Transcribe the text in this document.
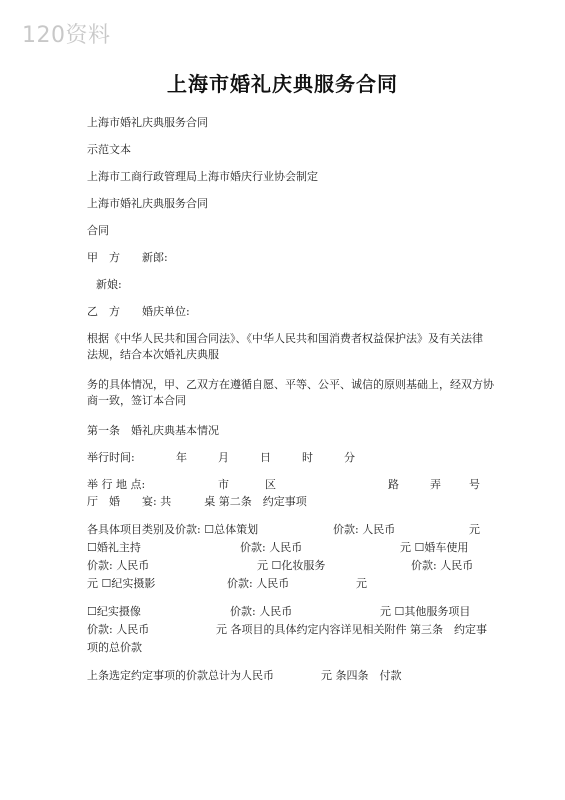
120资料
上海市婚礼庆典服务合同
上海市婚礼庆典服务合同
示范文本
上海市工商行政管理局上海市婚庆行业协会制定
上海市婚礼庆典服务合同
合同
甲　方　　新郎:
新娘:
乙　方　　婚庆单位:
根据《中华人民共和国合同法》、《中华人民共和国消费者权益保护法》及有关法律
法规，结合本次婚礼庆典服
务的具体情况，甲、乙双方在遵循自愿、平等、公平、诚信的原则基础上，经双方协
商一致，签订本合同
第一条　婚礼庆典基本情况
举行时间:	年	月	日	时	分
举 行 地 点:	市	区	路	弄	号
厅　婚　　宴: 共　　　桌 第二条　约定事项
各具体项目类别及价款: ☐总体策划	价款: 人民币	元
☐婚礼主持	价款: 人民币	元 ☐婚车使用
价款: 人民币	元 ☐化妆服务	价款: 人民币
元 ☐纪实摄影	价款: 人民币	元
☐纪实摄像	价款: 人民币	元 ☐其他服务项目
价款: 人民币	元 各项目的具体约定内容详见相关附件 第三条　约定事
项的总价款
上条选定约定事项的价款总计为人民币	元 条四条　付款
